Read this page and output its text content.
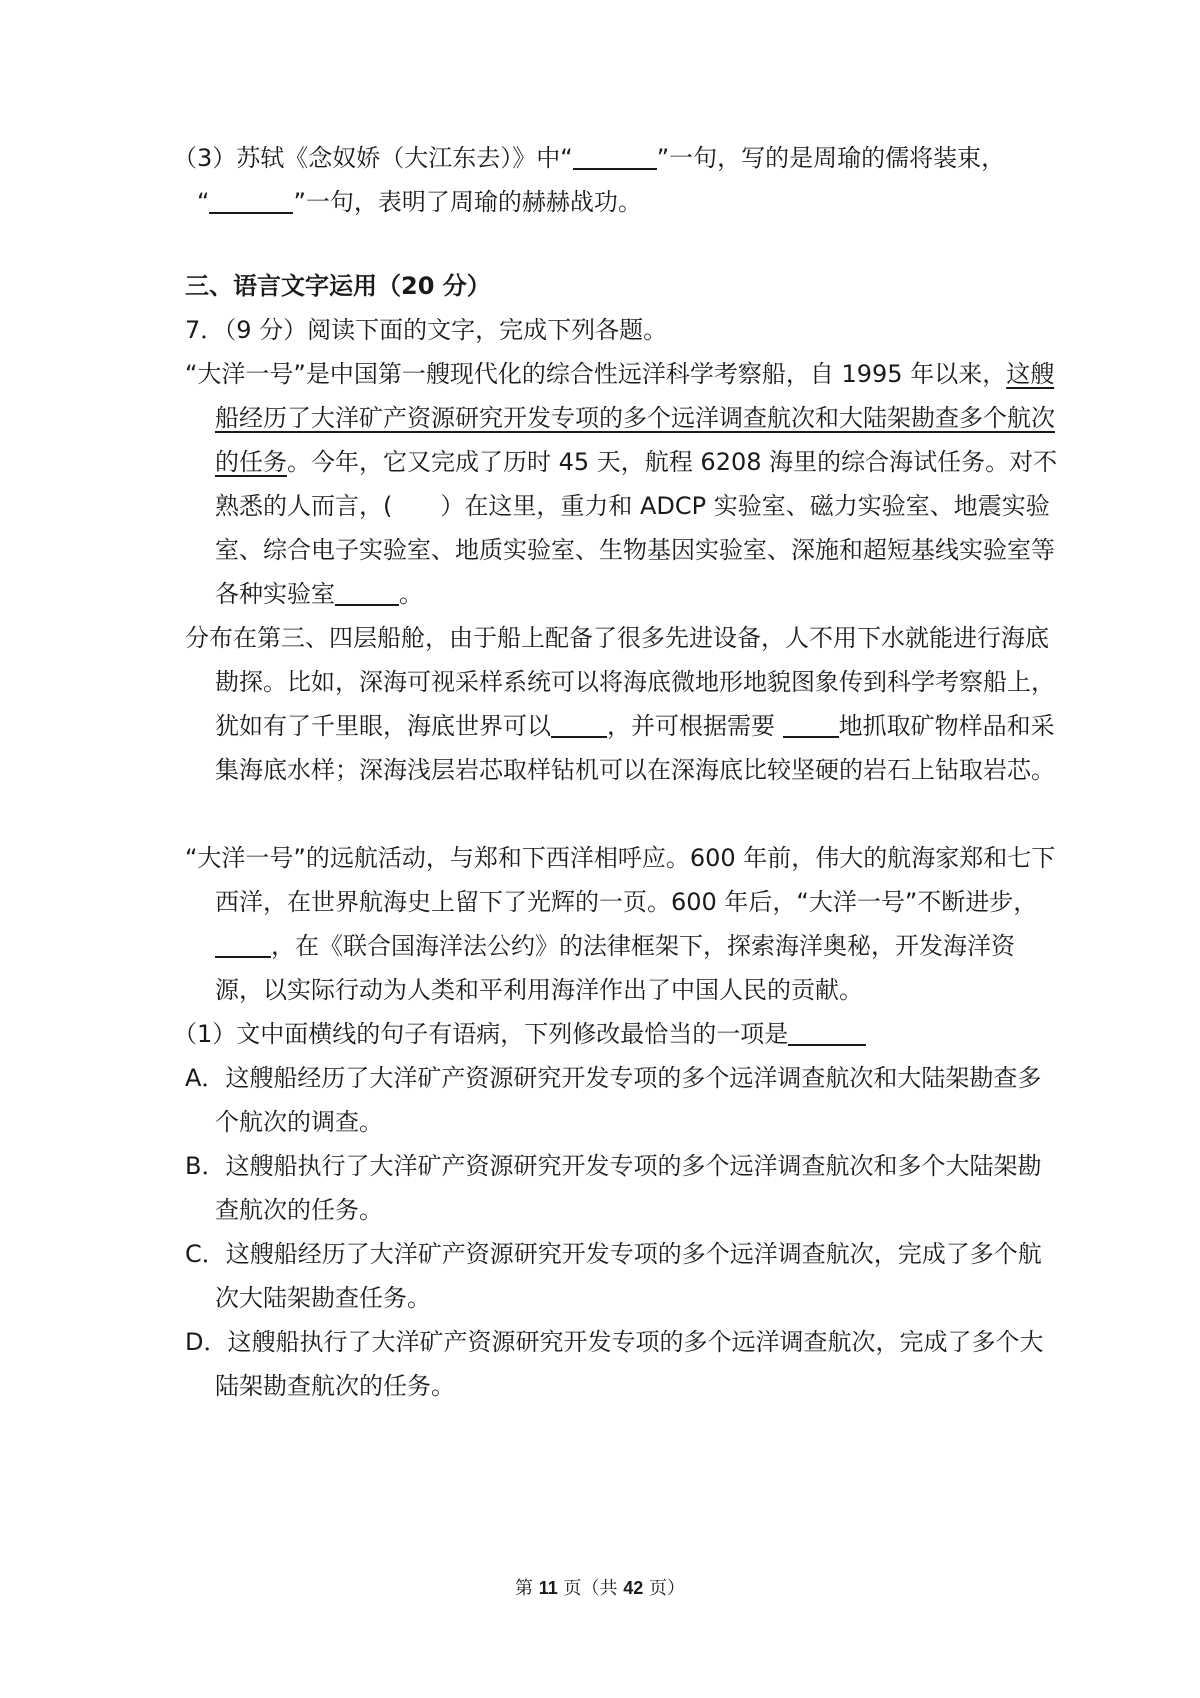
（3）苏轼《念奴娇（大江东去）》中“	”一句，写的是周瑜的儒将装束，
“	”一句，表明了周瑜的赫赫战功。

三、语言文字运用（20 分）

7．（9 分）阅读下面的文字，完成下列各题。

“大洋一号”是中国第一艘现代化的综合性远洋科学考察船，自 1995 年以来，这艘船经历了大洋矿产资源研究开发专项的多个远洋调查航次和大陆架勘查多个航次的任务。今年，它又完成了历时 45 天，航程 6208 海里的综合海试任务。对不熟悉的人而言，(　　）在这里，重力和 ADCP 实验室、磁力实验室、地震实验室、综合电子实验室、地质实验室、生物基因实验室、深施和超短基线实验室等各种实验室	。

分布在第三、四层船舱，由于船上配备了很多先进设备，人不用下水就能进行海底勘探。比如，深海可视采样系统可以将海底微地形地貌图象传到科学考察船上，犹如有了千里眼，海底世界可以 ，并可根据需要 地抓取矿物样品和采集海底水样；深海浅层岩芯取样钻机可以在深海底比较坚硬的岩石上钻取岩芯。

“大洋一号”的远航活动，与郑和下西洋相呼应。600 年前，伟大的航海家郑和七下西洋，在世界航海史上留下了光辉的一页。600 年后，“大洋一号”不断进步，，在《联合国海洋法公约》的法律框架下，探索海洋奥秘，开发海洋资源，以实际行动为人类和平利用海洋作出了中国人民的贡献。

（1）文中面横线的句子有语病，下列修改最恰当的一项是

A．这艘船经历了大洋矿产资源研究开发专项的多个远洋调查航次和大陆架勘查多个航次的调查。

B．这艘船执行了大洋矿产资源研究开发专项的多个远洋调查航次和多个大陆架勘查航次的任务。

C．这艘船经历了大洋矿产资源研究开发专项的多个远洋调查航次，完成了多个航次大陆架勘查任务。

D．这艘船执行了大洋矿产资源研究开发专项的多个远洋调查航次，完成了多个大陆架勘查航次的任务。

第 11 页（共 42 页）
